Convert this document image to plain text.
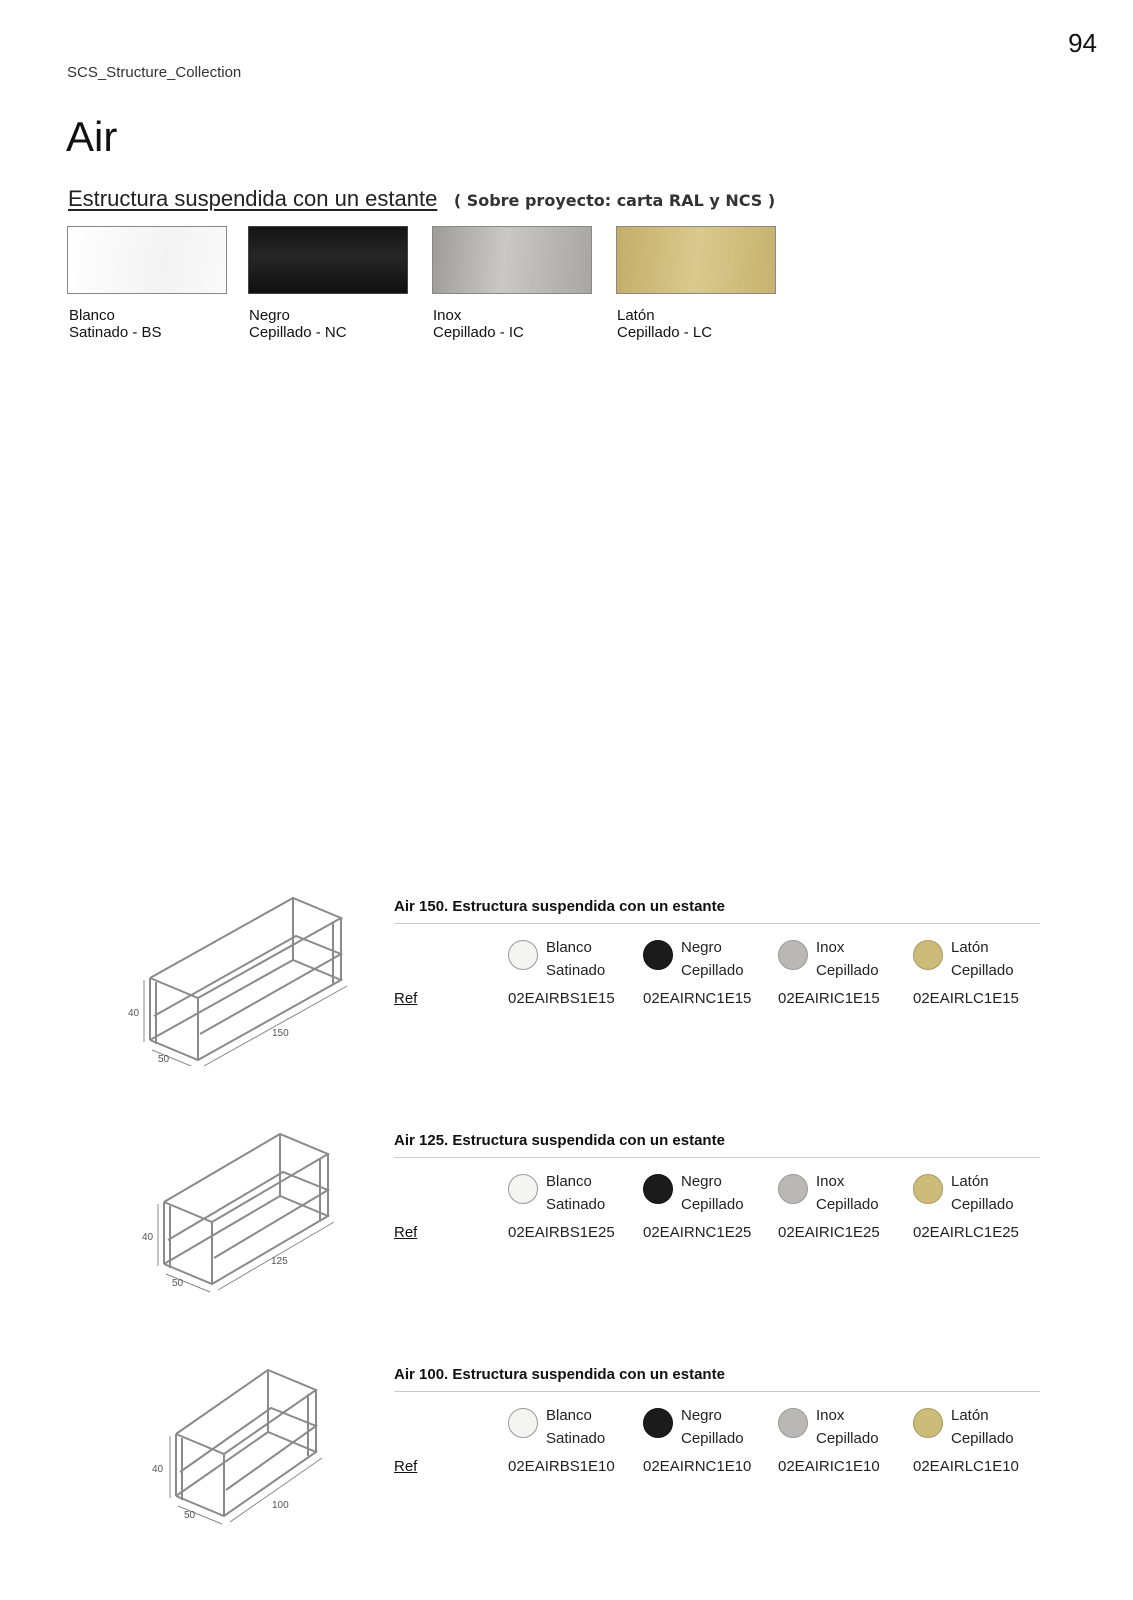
94
SCS_Structure_Collection
Air
Estructura suspendida con un estante ( Sobre proyecto: carta RAL y NCS )
Blanco
Satinado - BS
Negro
Cepillado - NC
Inox
Cepillado - IC
Latón
Cepillado - LC
40
50
150
Air 150. Estructura suspendida con un estante
Blanco
Satinado
02EAIRBS1E15
Negro
Cepillado
02EAIRNC1E15
Inox
Cepillado
02EAIRIC1E15
Latón
Cepillado
02EAIRLC1E15
Ref
40
50
125
Air 125. Estructura suspendida con un estante
Blanco
Satinado
02EAIRBS1E25
Negro
Cepillado
02EAIRNC1E25
Inox
Cepillado
02EAIRIC1E25
Latón
Cepillado
02EAIRLC1E25
Ref
40
50
100
Air 100. Estructura suspendida con un estante
Blanco
Satinado
02EAIRBS1E10
Negro
Cepillado
02EAIRNC1E10
Inox
Cepillado
02EAIRIC1E10
Latón
Cepillado
02EAIRLC1E10
Ref
